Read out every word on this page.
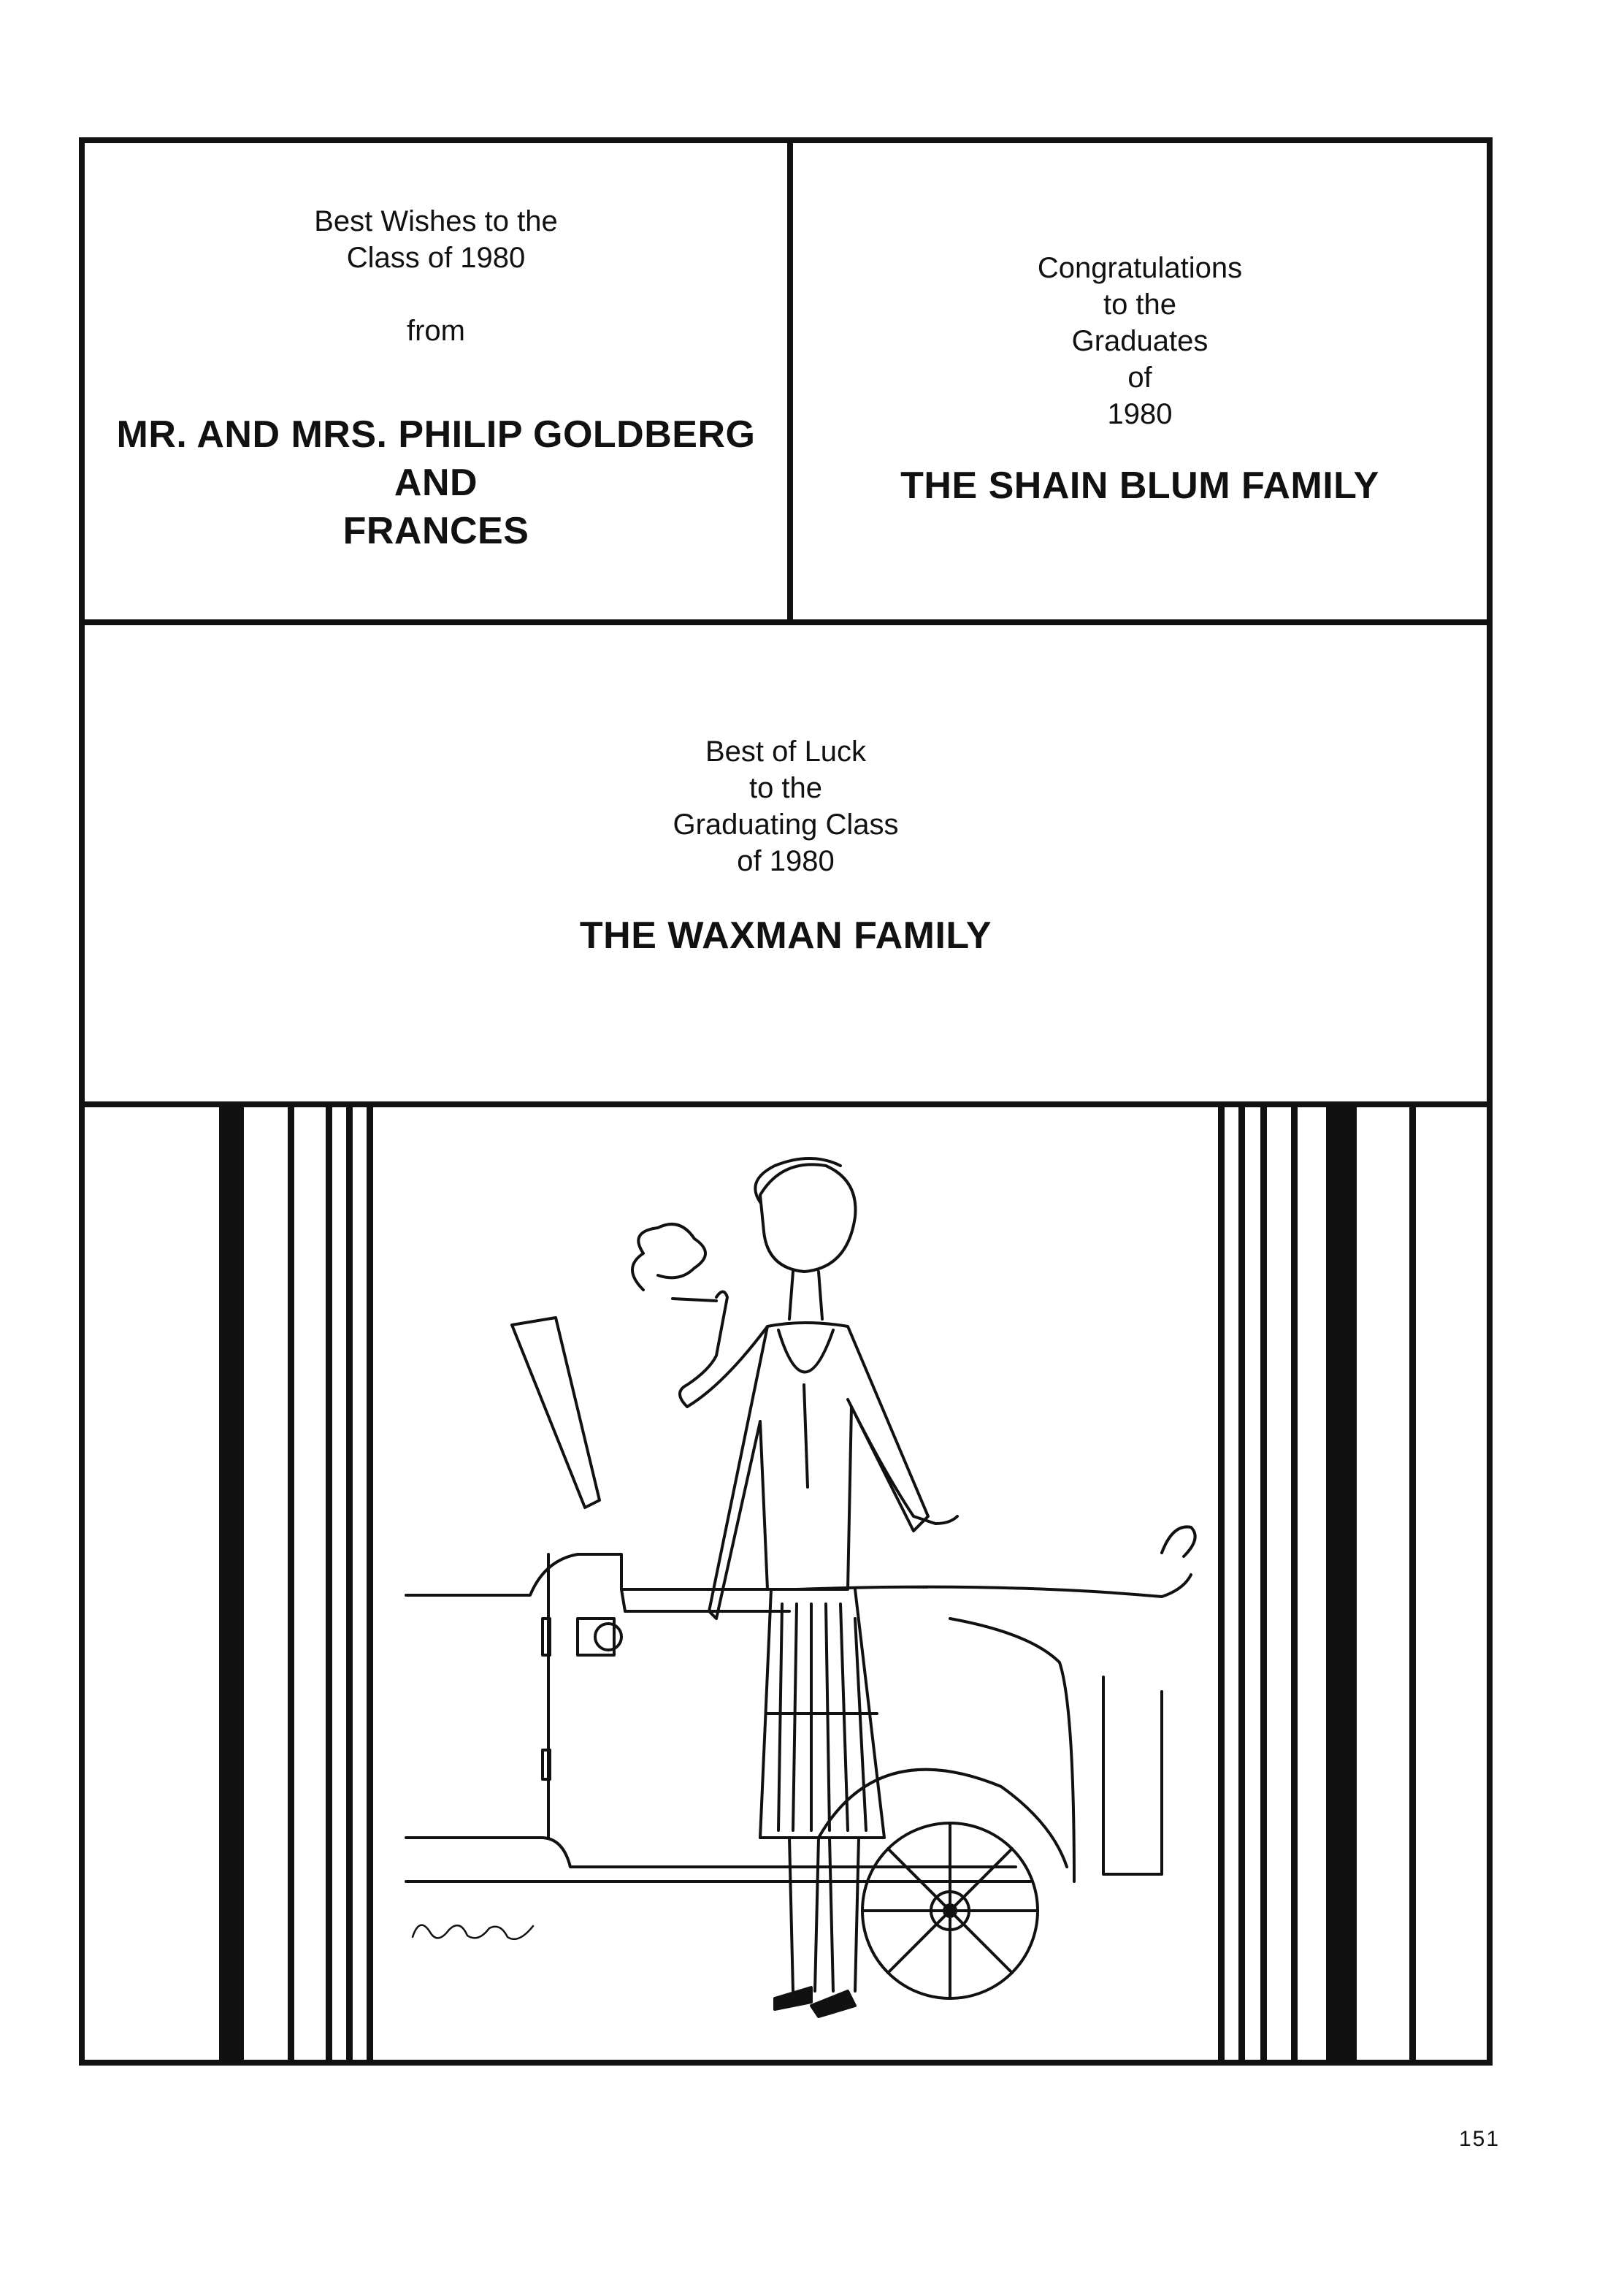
Best Wishes to the
Class of 1980
from
MR. AND MRS. PHILIP GOLDBERG
AND
FRANCES
Congratulations
to the
Graduates
of
1980
THE SHAIN BLUM FAMILY
Best of Luck
to the
Graduating Class
of 1980
THE WAXMAN FAMILY
151
